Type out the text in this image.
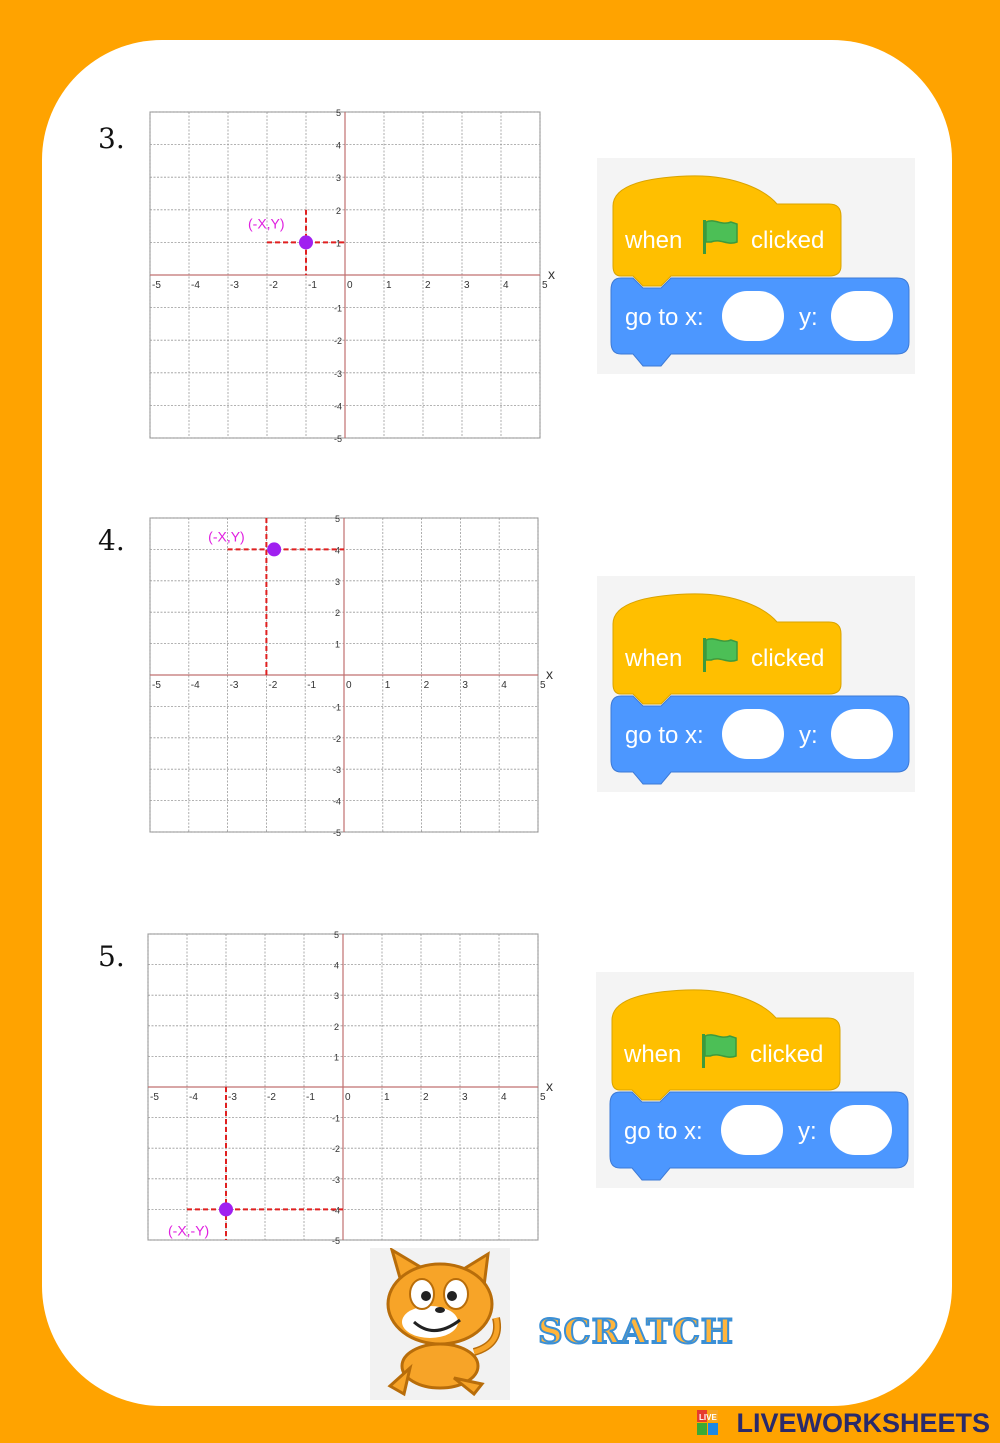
3.
-5	-4	-3	-2	-1	0	1	2	3	4	5
1
2
3
4
5
-1
-2
-3
-4
-5
x
(-X,Y)
when	clicked
go to x:	y:
4.
-5	-4	-3	-2	-1	0	1	2	3	4	5
1
2
3
4
5
-1
-2
-3
-4
-5
x
(-X,Y)
when	clicked
go to x:	y:
5.
-5	-4	-3	-2	-1	0	1	2	3	4	5
1
2
3
4
5
-1
-2
-3
-4
-5
x
(-X,-Y)
when	clicked
go to x:	y:
SCRATCH
LIVE LIVEWORKSHEETS
